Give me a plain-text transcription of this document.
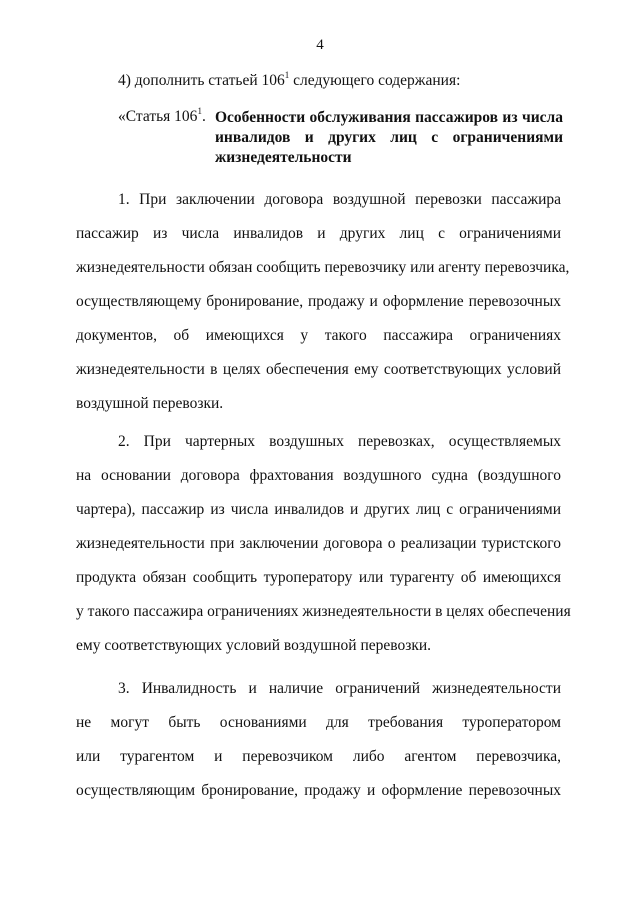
4
4) дополнить статьей $106^1$ следующего содержания:
«Статья $106^1$. Особенности обслуживания пассажиров из числа
инвалидов и других лиц с ограничениями
жизнедеятельности
1. При заключении договора воздушной перевозки пассажира
пассажир из числа инвалидов и других лиц с ограничениями
жизнедеятельности обязан сообщить перевозчику или агенту перевозчика,
осуществляющему бронирование, продажу и оформление перевозочных
документов, об имеющихся у такого пассажира ограничениях
жизнедеятельности в целях обеспечения ему соответствующих условий
воздушной перевозки.
2. При чартерных воздушных перевозках, осуществляемых
на основании договора фрахтования воздушного судна (воздушного
чартера), пассажир из числа инвалидов и других лиц с ограничениями
жизнедеятельности при заключении договора о реализации туристского
продукта обязан сообщить туроператору или турагенту об имеющихся
у такого пассажира ограничениях жизнедеятельности в целях обеспечения
ему соответствующих условий воздушной перевозки.
3. Инвалидность и наличие ограничений жизнедеятельности
не могут быть основаниями для требования туроператором
или турагентом и перевозчиком либо агентом перевозчика,
осуществляющим бронирование, продажу и оформление перевозочных
